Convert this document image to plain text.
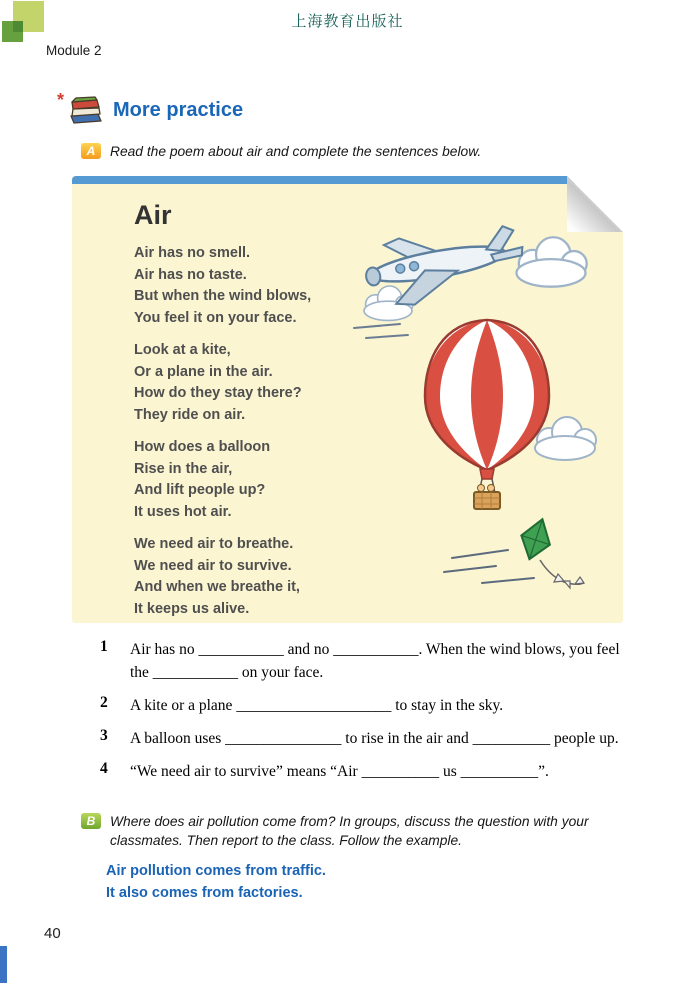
上海教育出版社
Module 2
* More practice
A	Read the poem about air and complete the sentences below.
Air

Air has no smell.

Air has no taste.

But when the wind blows,

You feel it on your face.

Look at a kite,

Or a plane in the air.

How do they stay there?

They ride on air.

How does a balloon

Rise in the air,

And lift people up?

It uses hot air.

We need air to breathe.

We need air to survive.

And when we breathe it,

It keeps us alive.

1	Air has no ___________ and no ___________. When the wind blows, you feel the ___________ on your face.
2	A kite or a plane ____________________ to stay in the sky.
3	A balloon uses _______________ to rise in the air and __________ people up.
4	“We need air to survive” means “Air __________ us __________”.
B	Where does air pollution come from? In groups, discuss the question with your classmates. Then report to the class. Follow the example.
Air pollution comes from traffic.
It also comes from factories.
40
